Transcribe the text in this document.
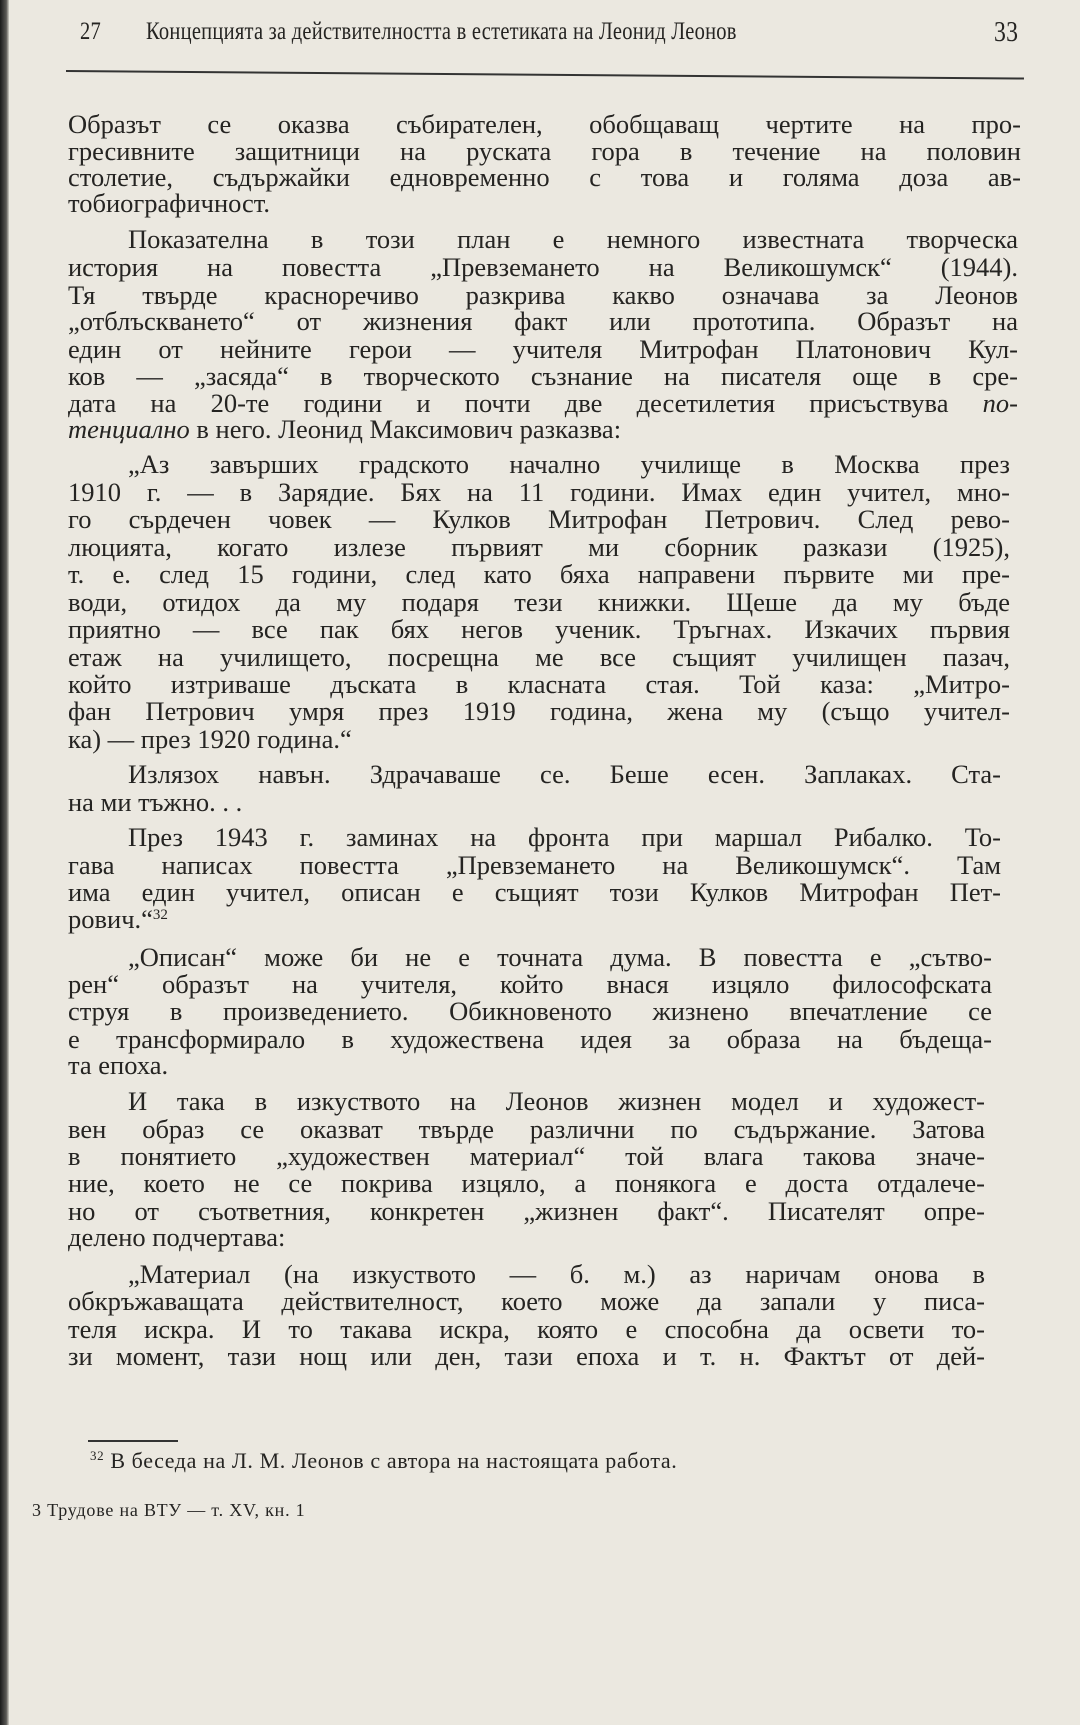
27 Концепцията за действителността в естетиката на Леонид Леонов	33
Образът се оказва събирателен, обобщаващ чертите на про-
гресивните защитници на руската гора в течение на половин
столетие, съдържайки едновременно с това и голяма доза ав-
тобиографичност.
Показателна в този план е немного известната творческа
история на повестта „Превземането на Великошумск“ (1944).
Тя твърде красноречиво разкрива какво означава за Леонов
„отблъскването“ от жизнения факт или прототипа. Образът на
един от нейните герои — учителя Митрофан Платонович Кул-
ков — „засяда“ в творческото съзнание на писателя още в сре-
дата на 20-те години и почти две десетилетия присъствува по-
тенциално в него. Леонид Максимович разказва:
„Аз завърших градското начално училище в Москва през
1910 г. — в Зарядие. Бях на 11 години. Имах един учител, мно-
го сърдечен човек — Кулков Митрофан Петрович. След рево-
люцията, когато излезе първият ми сборник разкази (1925),
т. е. след 15 години, след като бяха направени първите ми пре-
води, отидох да му подаря тези книжки. Щеше да му бъде
приятно — все пак бях негов ученик. Тръгнах. Изкачих първия
етаж на училището, посрещна ме все същият училищен пазач,
който изтриваше дъската в класната стая. Той каза: „Митро-
фан Петрович умря през 1919 година, жена му (също учител-
ка) — през 1920 година.“
Излязох навън. Здрачаваше се. Беше есен. Заплаках. Ста-
на ми тъжно. . .
През 1943 г. заминах на фронта при маршал Рибалко. То-
гава написах повестта „Превземането на Великошумск“. Там
има един учител, описан е същият този Кулков Митрофан Пет-
рович.“$^{32}$
„Описан“ може би не е точната дума. В повестта е „сътво-
рен“ образът на учителя, който внася изцяло философската
струя в произведението. Обикновеното жизнено впечатление се
е трансформирало в художествена идея за образа на бъдеща-
та епоха.
И така в изкуството на Леонов жизнен модел и художест-
вен образ се оказват твърде различни по съдържание. Затова
в понятието „художествен материал“ той влага такова значе-
ние, което не се покрива изцяло, а понякога е доста отдалече-
но от съответния, конкретен „жизнен факт“. Писателят опре-
делено подчертава:
„Материал (на изкуството — б. м.) аз наричам онова в
обкръжаващата действителност, което може да запали у писа-
теля искра. И то такава искра, която е способна да освети то-
зи момент, тази нощ или ден, тази епоха и т. н. Фактът от дей-
$^{32}$ В беседа на Л. М. Леонов с автора на настоящата работа.
3 Трудове на ВТУ — т. XV, кн. 1
